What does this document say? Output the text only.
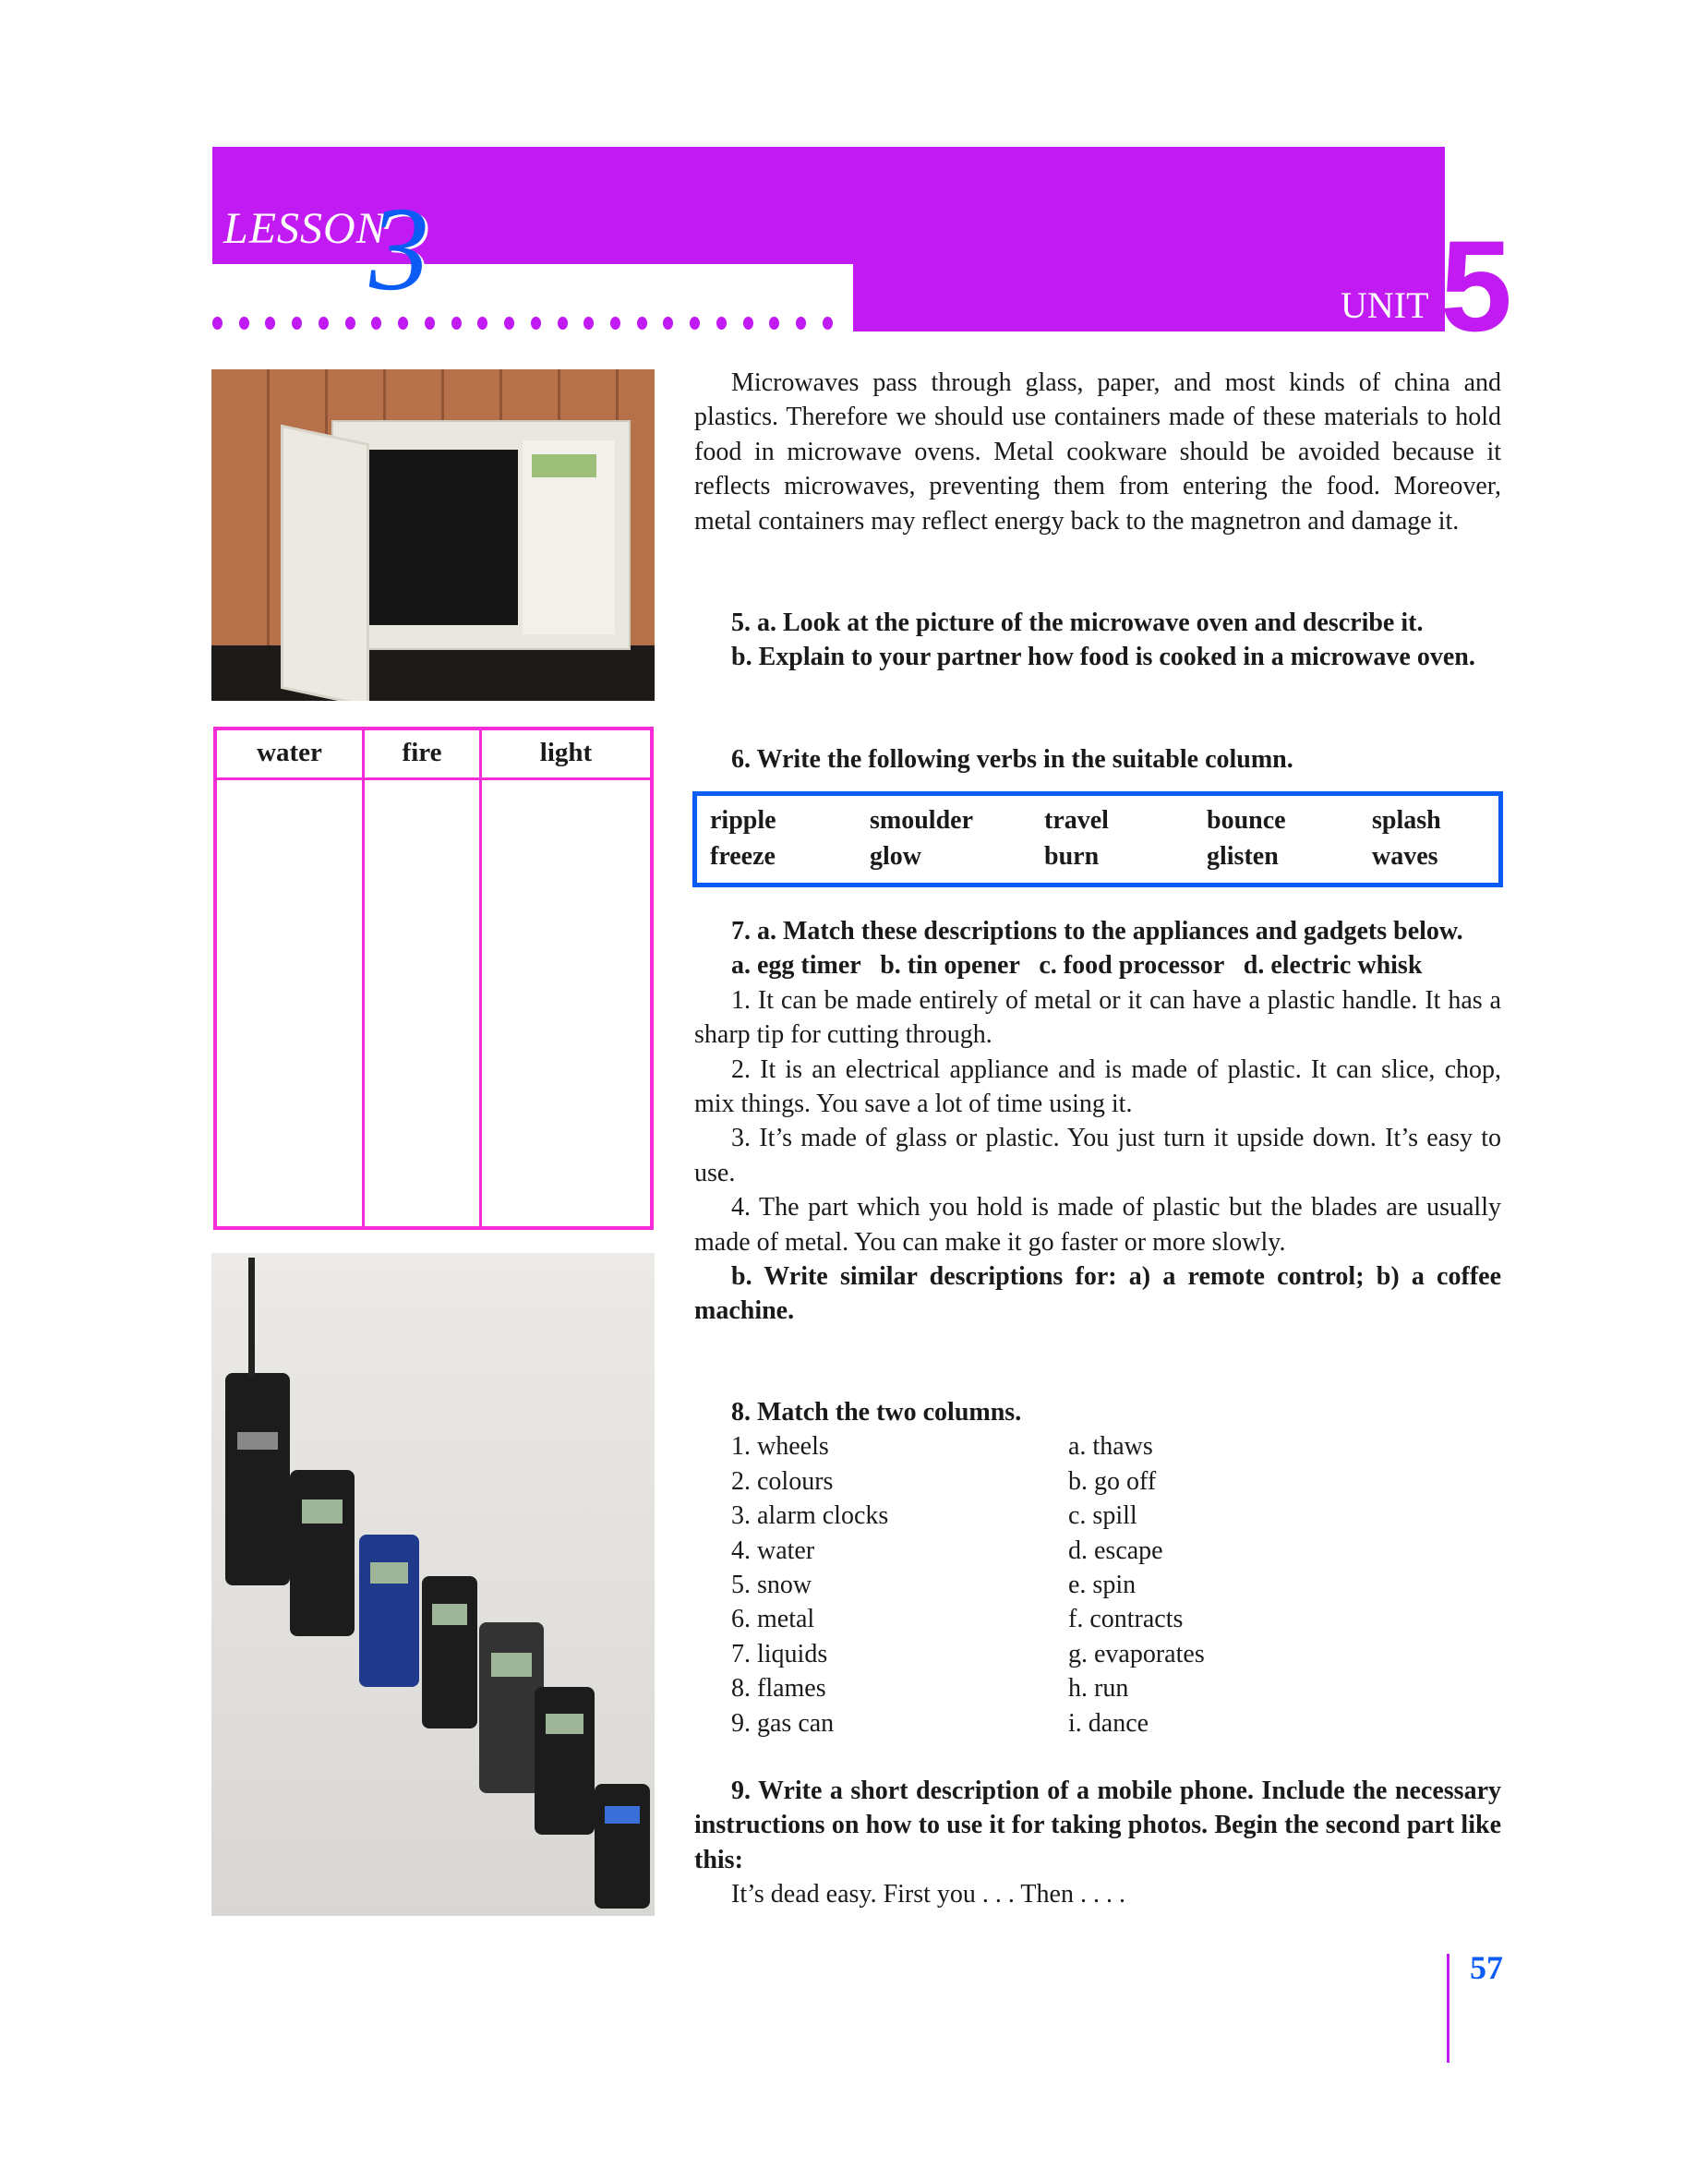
LESSON
3	UNIT 5
water	fire	light

Microwaves pass through glass, paper, and most kinds of china and plastics. Therefore we should use containers made of these materials to hold food in microwave ovens. Metal cookware should be avoided because it reflects microwaves, preventing them from entering the food. Moreover, metal containers may reflect energy back to the magnetron and damage it.

5. a. Look at the picture of the microwave oven and describe it.

b. Explain to your partner how food is cooked in a microwave oven.

6. Write the following verbs in the suitable column.

ripple	smoulder	travel	bounce	splash
freeze	glow	burn	glisten	waves

7. a. Match these descriptions to the appliances and gadgets below.

a. egg timer   b. tin opener   c. food processor   d. electric whisk

1. It can be made entirely of metal or it can have a plastic handle. It has a sharp tip for cutting through.

2. It is an electrical appliance and is made of plastic. It can slice, chop, mix things. You save a lot of time using it.

3. It’s made of glass or plastic. You just turn it upside down. It’s easy to use.

4. The part which you hold is made of plastic but the blades are usually made of metal. You can make it go faster or more slowly.

b. Write similar descriptions for: a) a remote control; b) a coffee machine.

8. Match the two columns.

1. wheels	a. thaws
2. colours	b. go off
3. alarm clocks	c. spill
4. water	d. escape
5. snow	e. spin
6. metal	f. contracts
7. liquids	g. evaporates
8. flames	h. run
9. gas can	i. dance

9. Write a short description of a mobile phone. Include the necessary instructions on how to use it for taking photos. Begin the second part like this:

It’s dead easy. First you . . . Then . . . .

57
